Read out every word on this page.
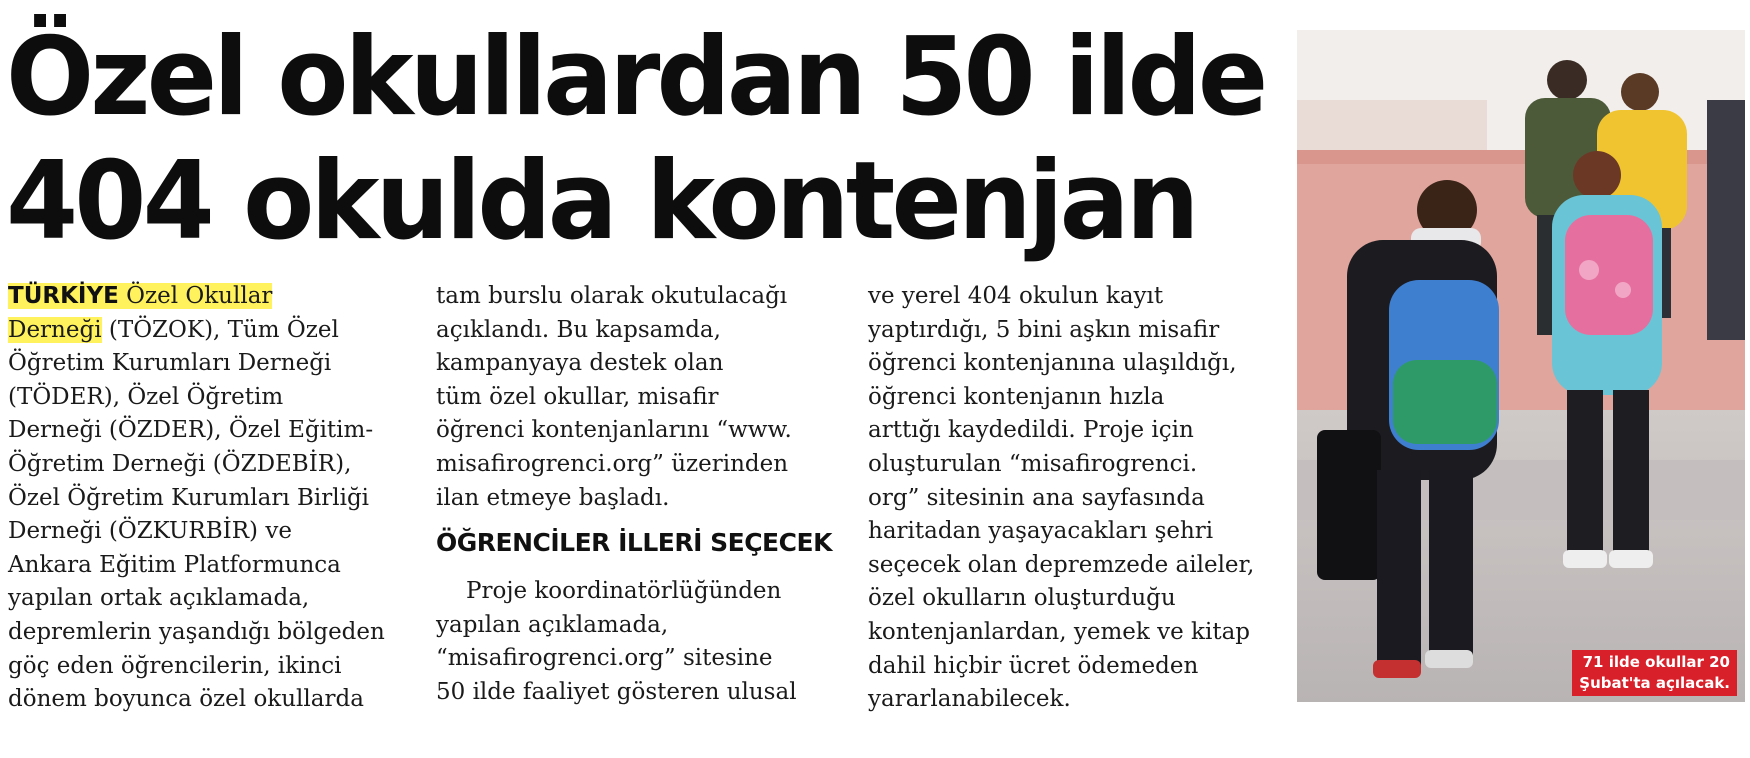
Özel okullardan 50 ilde
404 okulda kontenjan
TÜRKİYE Özel Okullar
Derneği (TÖZOK), Tüm Özel
Öğretim Kurumları Derneği
(TÖDER), Özel Öğretim
Derneği (ÖZDER), Özel Eğitim-
Öğretim Derneği (ÖZDEBİR),
Özel Öğretim Kurumları Birliği
Derneği (ÖZKURBİR) ve
Ankara Eğitim Platformunca
yapılan ortak açıklamada,
depremlerin yaşandığı bölgeden
göç eden öğrencilerin, ikinci
dönem boyunca özel okullarda
tam burslu olarak okutulacağı
açıklandı. Bu kapsamda,
kampanyaya destek olan
tüm özel okullar, misafir
öğrenci kontenjanlarını “www.
misafirogrenci.org” üzerinden
ilan etmeye başladı.
ÖĞRENCİLER İLLERİ SEÇECEK
Proje koordinatörlüğünden
yapılan açıklamada,
“misafirogrenci.org” sitesine
50 ilde faaliyet gösteren ulusal
ve yerel 404 okulun kayıt
yaptırdığı, 5 bini aşkın misafir
öğrenci kontenjanına ulaşıldığı,
öğrenci kontenjanın hızla
arttığı kaydedildi. Proje için
oluşturulan “misafirogrenci.
org” sitesinin ana sayfasında
haritadan yaşayacakları şehri
seçecek olan depremzede aileler,
özel okulların oluşturduğu
kontenjanlardan, yemek ve kitap
dahil hiçbir ücret ödemeden
yararlanabilecek.
71 ilde okullar 20
Şubat'ta açılacak.
